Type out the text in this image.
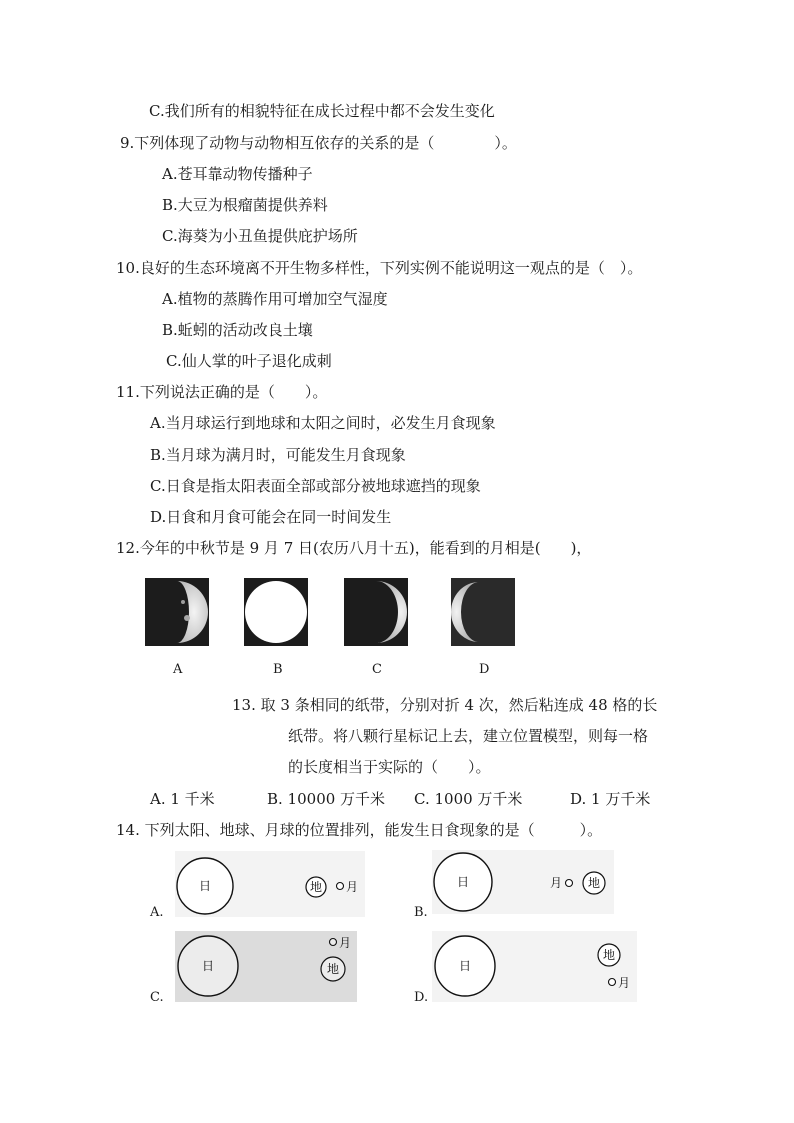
C.我们所有的相貌特征在成长过程中都不会发生变化
9.下列体现了动物与动物相互依存的关系的是（　　　　）。
A.苍耳靠动物传播种子
B.大豆为根瘤菌提供养料
C.海葵为小丑鱼提供庇护场所
10.良好的生态环境离不开生物多样性，下列实例不能说明这一观点的是（　）。
A.植物的蒸腾作用可增加空气湿度
B.蚯蚓的活动改良土壤
C.仙人掌的叶子退化成刺
11.下列说法正确的是（　　）。
A.当月球运行到地球和太阳之间时，必发生月食现象
B.当月球为满月时，可能发生月食现象
C.日食是指太阳表面全部或部分被地球遮挡的现象
D.日食和月食可能会在同一时间发生
12.今年的中秋节是 9 月 7 日(农历八月十五)，能看到的月相是(　　)，
A	B	C	D
13. 取 3 条相同的纸带，分别对折 4 次，然后粘连成 48 格的长
纸带。将八颗行星标记上去，建立位置模型，则每一格
的长度相当于实际的（　　）。
A. 1 千米	B. 10000 万千米 C. 1000 万千米	D. 1 万千米
14. 下列太阳、地球、月球的位置排列，能发生日食现象的是（　　　）。
日	地 月
A.
日	月 地
B.
日
月
地
C.
日
地
月
D.
